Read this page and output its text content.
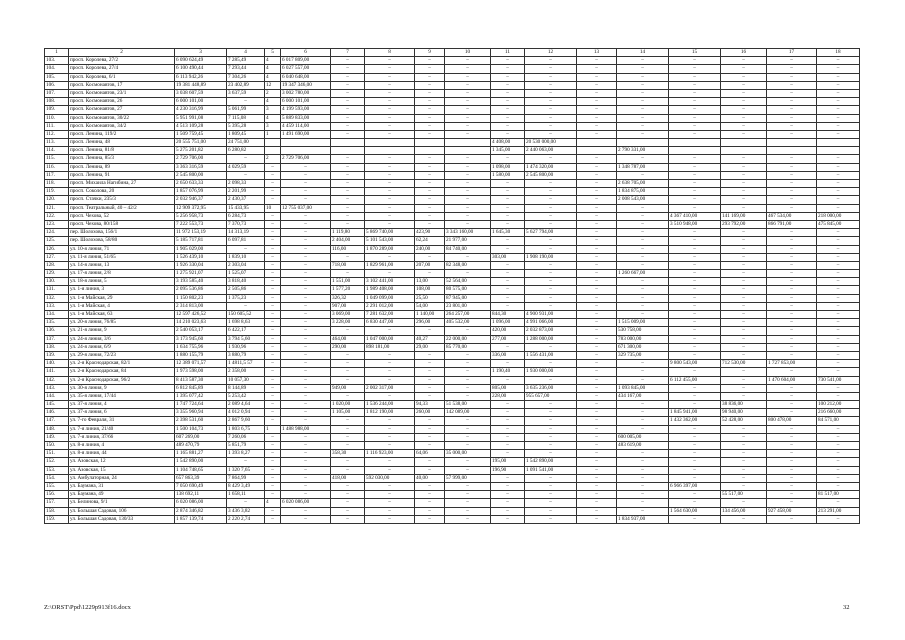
1	2	3	4	5	6	7	8	9	10	11	12	13	14	15	16	17	18
103.	просп. Королева, 27/2	6 090 624,49	7 285,49	4	6 017 809,00	–	–	–	–	–	–	–	–	–	–	–	–
104.	просп. Королева, 27/4	6 100 490,44	7 293,44	4	6 027 557,00	–	–	–	–	–	–	–	–	–	–	–	–
105.	просп. Королева, 6/1	6 113 942,26	7 304,26	4	6 040 648,00	–	–	–	–	–	–	–	–	–	–	–	–
106.	просп. Космонавтов, 17	19 381 448,89	23 402,89	12	19 347 346,00	–	–	–	–	–	–	–	–	–	–	–	–
107.	просп. Космонавтов, 23/1	3 038 607,59	3 637,59	2	3 002 780,00	–	–	–	–	–	–	–	–	–	–	–	–
108.	просп. Космонавтов, 26	6 000 101,00	–	4	6 000 101,00	–	–	–	–	–	–	–	–	–	–	–	–
109.	просп. Космонавтов, 27	4 230 316,99	5 061,99	3	4 199 593,00	–	–	–	–	–	–	–	–	–	–	–	–
110.	просп. Космонавтов, 30/22	5 951 991,08	7 115,08	4	5 889 833,00	–	–	–	–	–	–	–	–	–	–	–	–
111.	просп. Космонавтов, 34/2	4 513 109,28	5 395,28	3	4 459 114,00	–	–	–	–	–	–	–	–	–	–	–	–
112.	просп. Ленина, 119/2	1 509 759,45	1 809,45	1	1 491 690,00	–	–	–	–	–	–	–	–	–	–	–	–
113.	просп. Ленина, 48	20 555 751,00	24 751,00							4 408,00	20 530 000,00						
114.	просп. Ленина, 81/8	5 275 201,82	6 280,82							1 345,00	2 440 063,00		2 790 331,00				
115.	просп. Ленина, 85/3	2 729 706,00	–	2	2 729 706,00	–	–	–	–	–	–	–	–	–	–	–	–
116.	просп. Ленина, 89	3 363 316,59	4 029,59	–	–	–	–	–	–	1 098,00	1 474 320,00	–	1 348 787,00	–	–	–	–
117.	просп. Ленина, 91	2 545 800,00	–	–	–	–	–	–	–	1 580,00	2 545 800,00	–	–	–	–	–	–
118.	просп. Михаила Нагибина, 27	2 650 633,33	2 098,33	–	–	–	–	–	–	–	–	–	2 638 705,00	–	–	–	–
119.	просп. Соколова, 20	1 857 076,99	2 201,99	–	–	–	–	–	–	–	–	–	1 834 875,00	–	–	–	–
120.	просп. Стачки, 235/3	2 032 946,37	2 430,37	–	–	–	–	–	–	–	–	–	2 008 543,00	–	–	–	–
121.	просп. Театральный, 40 – 42/2	12 909 372,95	15 433,95	10	12 755 037,00	–	–	–	–	–	–	–	–	–	–	–	–
122.	просп. Чехова, 52	5 256 958,73	6 284,73	–	–	–	–	–	–	–	–	–	–	4 367 410,00	141 169,00	467 534,00	218 000,00
123.	просп. Чехова, 80/158	7 222 553,73	7 370,73	–	–	–	–	–	–	–	–	–	–	3 510 948,00	293 792,00	866 791,00	475 845,00
124.	пер. Шолохова, 156/1	11 972 153,19	14 313,19	–	–	1 119,80	5 869 740,00	423,90	3 343 160,00	1 645,30	5 627 794,00	–	–	–	–	–	–
125.	пер. Шолохова, 58/80	5 185 717,81	6 097,81	–	–	2 404,00	5 101 543,00	62,24	21 977,00	–	–	–	–	–	–	–	–
126.	ул. 10-я линия, 71	1 905 029,00	–	–	–	116,00	1 870 289,00	240,00	84 740,00	–	–	–	–	–	–	–	–
127.	ул. 11-я линия, 51/65	1 526 439,10	1 839,10	–	–	–	–	–	–	303,00	1 908 190,00	–	–	–	–	–	–
128.	ул. 14-я линия, 13	1 926 330,04	2 303,04	–	–	718,00	1 829 961,00	207,00	82 348,00	–	–	–	–	–	–	–	–
129.	ул. 17-я линия, 2/8	1 275 921,07	1 525,07	–	–	–	–	–	–	–	–	–	1 260 667,00	–	–	–	–
130.	ул. 18-я линия, 5	3 193 585,40	3 818,40	–	–	1 551,00	3 102 441,00	13,00	52 564,00	–	–	–	–	–	–	–	–
131.	ул. 1-я линия, 3	2 095 536,86	2 505,86	–	–	1 577,20	1 989 408,00	108,00	80 575,00	–	–	–	–	–	–	–	–
132.	ул. 1-я Майская, 29	1 150 802,23	1 375,23	–	–	326,32	1 049 099,00	25,50	87 945,00	–	–	–	–	–	–	–	–
133.	ул. 1-я Майская, 4	2 314 813,00	–	–	–	907,00	2 291 012,00	54,00	23 801,00	–	–	–	–	–	–	–	–
134.	ул. 1-я Майская, 63	12 597 426,52	150 605,52	–	–	3 069,00	7 281 632,00	1 140,00	264 257,00	844,30	4 900 931,00	–	–	–	–	–	–
135.	ул. 20-я линия, 76/85	14 210 023,63	1 698 8,63	–	–	3 228,00	6 830 447,00	296,00	405 532,00	1 096,00	4 991 066,00	–	1 515 009,00	–	–	–	–
136.	ул. 21-я линия, 9	2 540 053,17	6 422,17	–	–	–	–	–	–	420,00	2 032 873,00	–	530 758,00	–	–	–	–
137.	ул. 24-я линия, 3/6	3 173 945,60	3 794 5,60	–	–	464,00	1 047 000,00	40,27	22 000,00	277,00	1 288 000,00	–	783 000,00	–	–	–	–
138.	ул. 24-я линия, 6/9	1 634 755,96	1 930,96	–	–	290,00	898 181,00	29,00	85 770,00	–	–	–	671 300,00	–	–	–	–
139.	ул. 29-я линия, 72/23	1 880 155,79	3 880,79	–	–	–	–	–	–	336,00	1 556 431,00	–	329 735,00	–	–	–	–
140.	ул. 2-я Краснодарская, 82/1	12 389 071,57	1 4811,5 57	–	–	–	–	–	–	–	–	–	–	9 800 543,00	712 530,00	1 727 853,00	–
141.	ул. 2-я Краснодарская, 84	1 973 598,00	2 358,00	–	–	–	–	–	–	1 190,40	1 930 000,00	–	–	–	–	–	–
142.	ул. 2-я Краснодарская, 96/2	8 413 587,30	10 057,30	–	–	–	–	–	–	–	–	–	–	6 112 455,00	–	1 470 604,00	730 541,00
143.	ул. 30-я линия, 9	6 812 845,89	8 144,89	–	–	949,00	2 002 317,00	–	–	805,00	3 635 236,00	–	1 093 845,00	–	–	–	–
144.	ул. 35-я линия, 17/44	1 395 077,42	5 253,42	–	–	–	–	–	–	228,00	955 657,00	–	434 167,00	–	–	–	–
145.	ул. 37-я линия, 4	1 747 724,64	2 089 4,64	–	–	1 020,00	1 536 244,00	94,33	51 538,00	–	–	–	–	–	38 836,00	–	100 212,00
146.	ул. 37-я линия, 6	3 355 960,94	4 012 0,94	–	–	1 105,00	1 812 190,00	260,00	142 089,00	–	–	–	–	1 845 941,00	98 940,00	–	216 660,00
147.	ул. 7-го Февраля, 31	2 398 531,60	2 867 9,60	–	–	–	–	–	–	–	–	–	–	1 432 362,00	52 428,00	800 478,00	84 571,00
148.	ул. 7-я линия, 21/40	1 500 104,73	1 803 6,75	1	1 488 988,00	–	–	–	–	–	–	–	–	–	–	–	–
149.	ул. 7-я линия, 37/66	607 269,00	7 260,06	–	–	–	–	–	–	–	–	–	600 005,00	–	–	–	–
150.	ул. 8-я линия, 4	489 470,79	5 851,79	–	–	–	–	–	–	–	–	–	483 619,00	–	–	–	–
151.	ул. 8-я линия, 44	1 165 881,27	1 393 8,27	–	–	358,30	1 116 923,00	64,06	35 000,00	–	–	–	–	–	–	–	–
152.	ул. Азовская, 12	1 542 890,00	–	–	–	–	–	–	–	195,00	1 542 890,00	–	–	–	–	–	–
153.	ул. Азовская, 15	1 104 748,65	1 320 7,65	–	–	–	–	–	–	196,90	1 091 541,00	–	–	–	–	–	–
154.	ул. Амбулаторная, 24	657 863,39	7 864,99	–	–	418,00	592 030,00	40,00	57 999,00	–	–	–	–	–	–	–	–
155.	ул. Баумана, 31	7 050 690,49	8 429 3,49	–	–	–	–	–	–	–	–	–	–	6 966 397,00	–	–	–
156.	ул. Баумана, 49	138 692,11	1 658,11	–	–	–	–	–	–	–	–	–	–	–	55 517,00	–	81 517,00
157.	ул. Белинова, 9/1	6 020 086,00	–	4	6 020 086,00	–	–	–	–	–	–	–	–	–	–	–	–
158.	ул. Большая Садовая, 106	2 874 346,82	3 436 3,82	–	–	–	–	–	–	–	–	–	–	1 564 630,00	134 456,00	927 458,00	213 291,00
159.	ул. Большая Садовая, 130/33	1 857 139,74	2 220 2,74	–	–	–	–	–	–	–	–	–	1 834 937,00	–	–	–	–
Z:\ORST\Ppd\1229p913f16.docx	32
